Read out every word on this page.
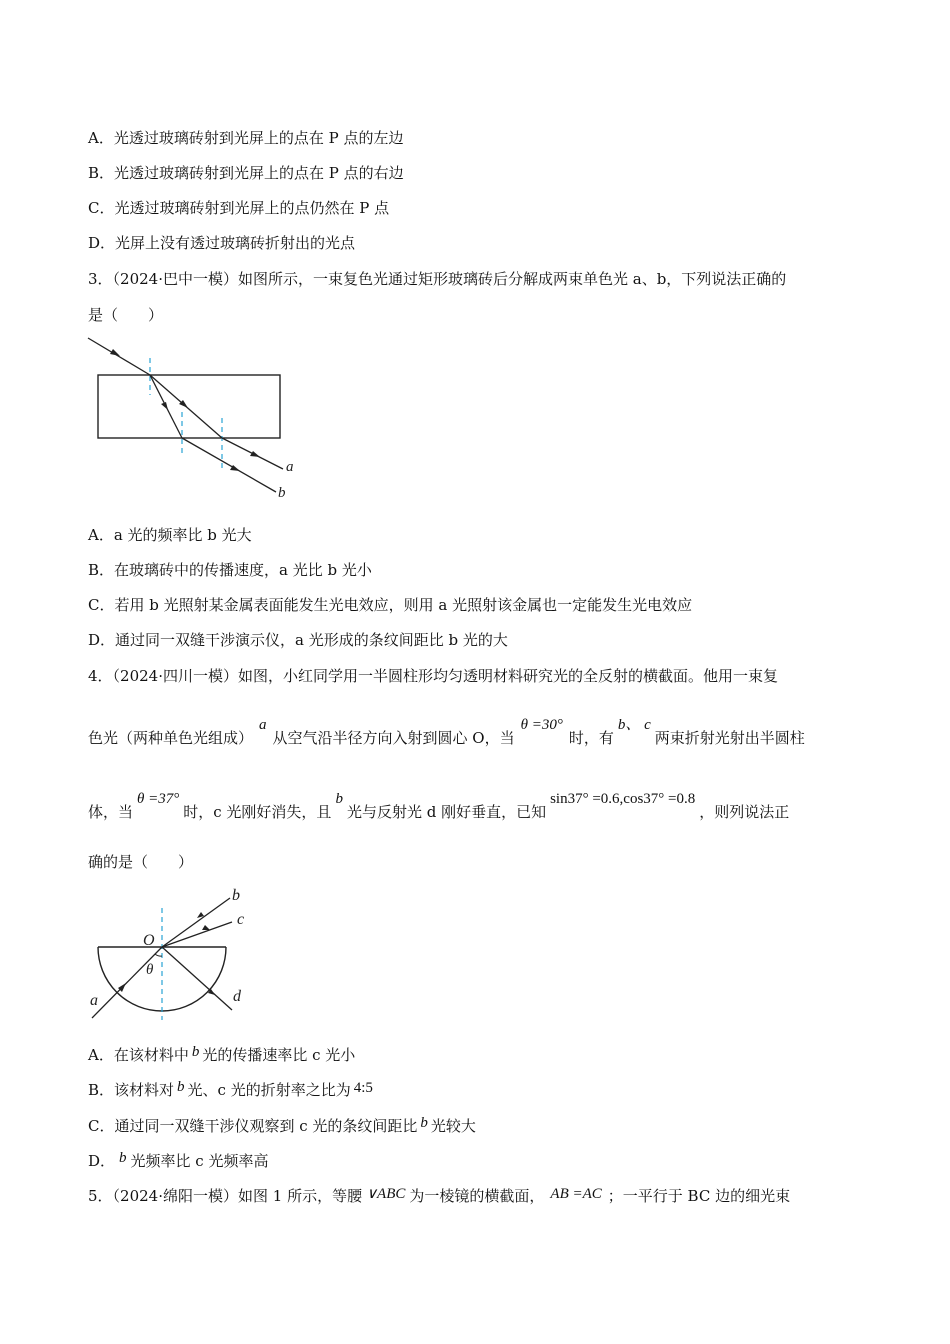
A．光透过玻璃砖射到光屏上的点在 P 点的左边
B．光透过玻璃砖射到光屏上的点在 P 点的右边
C．光透过玻璃砖射到光屏上的点仍然在 P 点
D．光屏上没有透过玻璃砖折射出的光点
3．（2024·巴中一模）如图所示，一束复色光通过矩形玻璃砖后分解成两束单色光 a、b，下列说法正确的
是（　　）
a
b
A．a 光的频率比 b 光大
B．在玻璃砖中的传播速度，a 光比 b 光小
C．若用 b 光照射某金属表面能发生光电效应，则用 a 光照射该金属也一定能发生光电效应
D．通过同一双缝干涉演示仪，a 光形成的条纹间距比 b 光的大
4．（2024·四川一模）如图，小红同学用一半圆柱形均匀透明材料研究光的全反射的横截面。他用一束复
色光（两种单色光组成）a从空气沿半径方向入射到圆心 O，当θ =30°时，有b、 c两束折射光射出半圆柱
体，当θ =37°时，c 光刚好消失，且b光与反射光 d 刚好垂直，已知sin37° =0.6,cos37° =0.8，则列说法正
确的是（　　）
b
c
O
θ
a	d
A．在该材料中 b 光的传播速率比 c 光小
B．该材料对 b 光、c 光的折射率之比为 4:5
C．通过同一双缝干涉仪观察到 c 光的条纹间距比 b 光较大
D． b 光频率比 c 光频率高
5．（2024·绵阳一模）如图 1 所示，等腰 ∨ABC 为一棱镜的横截面， AB =AC ；一平行于 BC 边的细光束
